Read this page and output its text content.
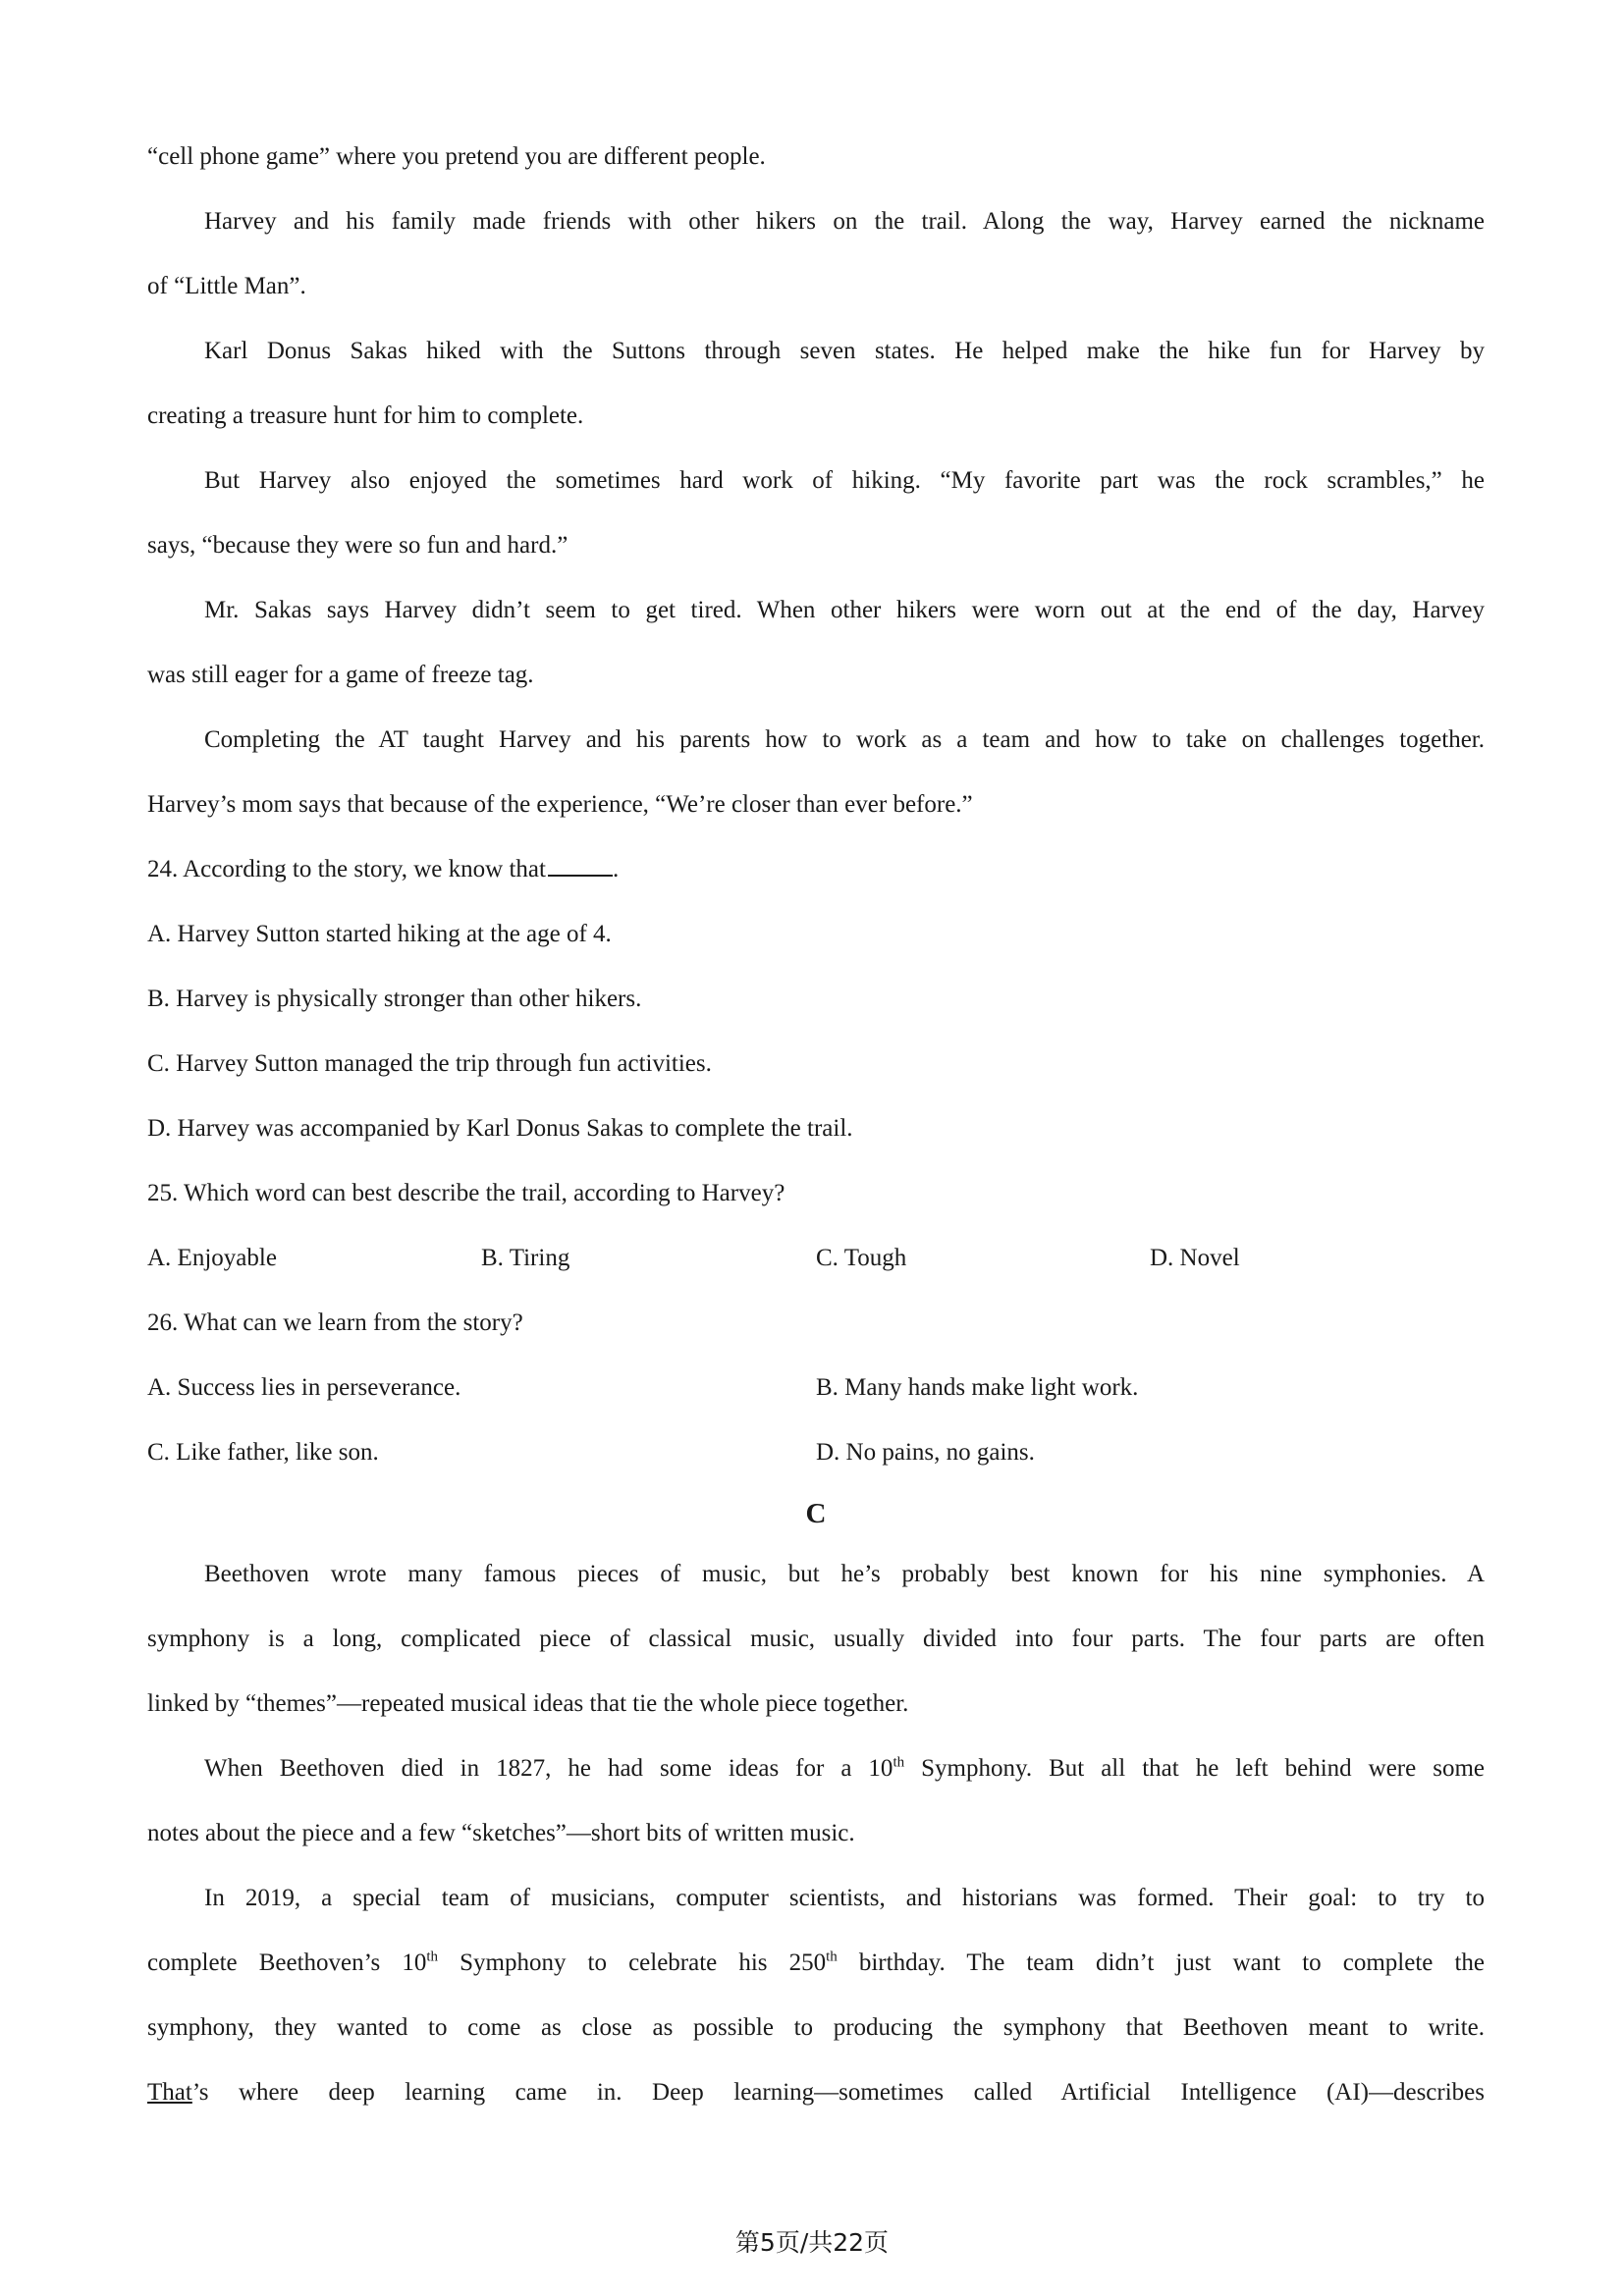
“cell phone game” where you pretend you are different people.
Harvey and his family made friends with other hikers on the trail. Along the way, Harvey earned the nickname
of “Little Man”.
Karl Donus Sakas hiked with the Suttons through seven states. He helped make the hike fun for Harvey by
creating a treasure hunt for him to complete.
But Harvey also enjoyed the sometimes hard work of hiking. “My favorite part was the rock scrambles,” he
says, “because they were so fun and hard.”
Mr. Sakas says Harvey didn’t seem to get tired. When other hikers were worn out at the end of the day, Harvey
was still eager for a game of freeze tag.
Completing the AT taught Harvey and his parents how to work as a team and how to take on challenges together.
Harvey’s mom says that because of the experience, “We’re closer than ever before.”
24. According to the story, we know that	.
A. Harvey Sutton started hiking at the age of 4.
B. Harvey is physically stronger than other hikers.
C. Harvey Sutton managed the trip through fun activities.
D. Harvey was accompanied by Karl Donus Sakas to complete the trail.
25. Which word can best describe the trail, according to Harvey?
A. Enjoyable	B. Tiring	C. Tough	D. Novel
26. What can we learn from the story?
A. Success lies in perseverance.	B. Many hands make light work.
C. Like father, like son.	D. No pains, no gains.
C
Beethoven wrote many famous pieces of music, but he’s probably best known for his nine symphonies. A
symphony is a long, complicated piece of classical music, usually divided into four parts. The four parts are often
linked by “themes”—repeated musical ideas that tie the whole piece together.
When Beethoven died in 1827, he had some ideas for a 10th Symphony. But all that he left behind were some
notes about the piece and a few “sketches”—short bits of written music.
In 2019, a special team of musicians, computer scientists, and historians was formed. Their goal: to try to
complete Beethoven’s 10th Symphony to celebrate his 250th birthday. The team didn’t just want to complete the
symphony, they wanted to come as close as possible to producing the symphony that Beethoven meant to write.
That’s where deep learning came in. Deep learning—sometimes called Artificial Intelligence (AI)—describes
第5页/共22页
